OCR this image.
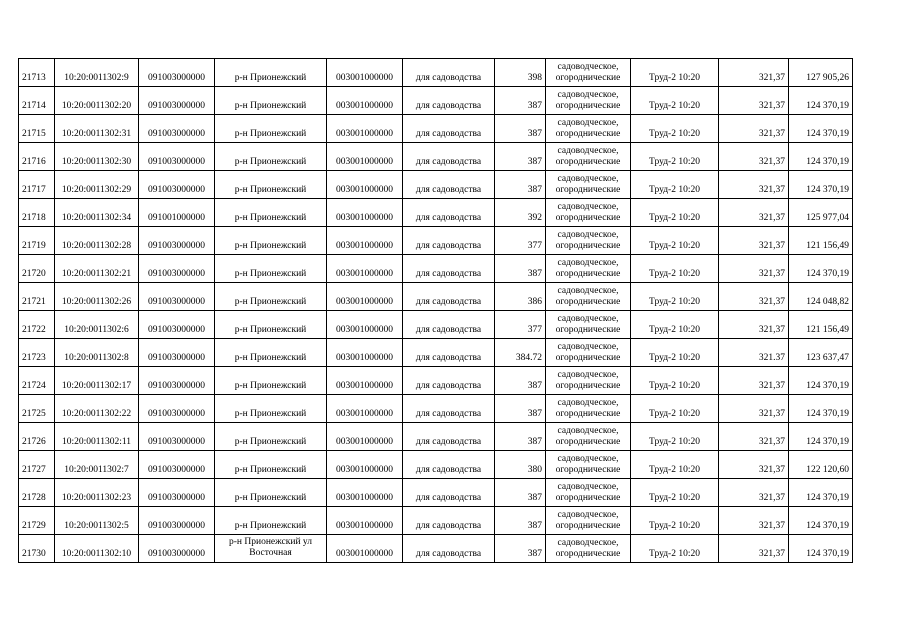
21713	10:20:0011302:9	091003000000	р-н Прионежский	003001000000	для садоводства	398	садоводческое, огороднические	Труд-2 10:20	321,37	127 905,26
21714	10:20:0011302:20	091003000000	р-н Прионежский	003001000000	для садоводства	387	садоводческое, огороднические	Труд-2 10:20	321,37	124 370,19
21715	10:20:0011302:31	091003000000	р-н Прионежский	003001000000	для садоводства	387	садоводческое, огороднические	Труд-2 10:20	321,37	124 370,19
21716	10:20:0011302:30	091003000000	р-н Прионежский	003001000000	для садоводства	387	садоводческое, огороднические	Труд-2 10:20	321,37	124 370,19
21717	10:20:0011302:29	091003000000	р-н Прионежский	003001000000	для садоводства	387	садоводческое, огороднические	Труд-2 10:20	321,37	124 370,19
21718	10:20:0011302:34	091001000000	р-н Прионежский	003001000000	для садоводства	392	садоводческое, огороднические	Труд-2 10:20	321,37	125 977,04
21719	10:20:0011302:28	091003000000	р-н Прионежский	003001000000	для садоводства	377	садоводческое, огороднические	Труд-2 10:20	321,37	121 156,49
21720	10:20:0011302:21	091003000000	р-н Прионежский	003001000000	для садоводства	387	садоводческое, огороднические	Труд-2 10:20	321,37	124 370,19
21721	10:20:0011302:26	091003000000	р-н Прионежский	003001000000	для садоводства	386	садоводческое, огороднические	Труд-2 10:20	321,37	124 048,82
21722	10:20:0011302:6	091003000000	р-н Прионежский	003001000000	для садоводства	377	садоводческое, огороднические	Труд-2 10:20	321,37	121 156,49
21723	10:20:0011302:8	091003000000	р-н Прионежский	003001000000	для садоводства	384.72	садоводческое, огороднические	Труд-2 10:20	321.37	123 637,47
21724	10:20:0011302:17	091003000000	р-н Прионежский	003001000000	для садоводства	387	садоводческое, огороднические	Труд-2 10:20	321,37	124 370,19
21725	10:20:0011302:22	091003000000	р-н Прионежский	003001000000	для садоводства	387	садоводческое, огороднические	Труд-2 10:20	321,37	124 370,19
21726	10:20:0011302:11	091003000000	р-н Прионежский	003001000000	для садоводства	387	садоводческое, огороднические	Труд-2 10:20	321,37	124 370,19
21727	10:20:0011302:7	091003000000	р-н Прионежский	003001000000	для садоводства	380	садоводческое, огороднические	Труд-2 10:20	321,37	122 120,60
21728	10:20:0011302:23	091003000000	р-н Прионежский	003001000000	для садоводства	387	садоводческое, огороднические	Труд-2 10:20	321,37	124 370,19
21729	10:20:0011302:5	091003000000	р-н Прионежский	003001000000	для садоводства	387	садоводческое, огороднические	Труд-2 10:20	321,37	124 370,19
21730	10:20:0011302:10	091003000000	р-н Прионежский ул Восточная	003001000000	для садоводства	387	садоводческое, огороднические	Труд-2 10:20	321,37	124 370,19
